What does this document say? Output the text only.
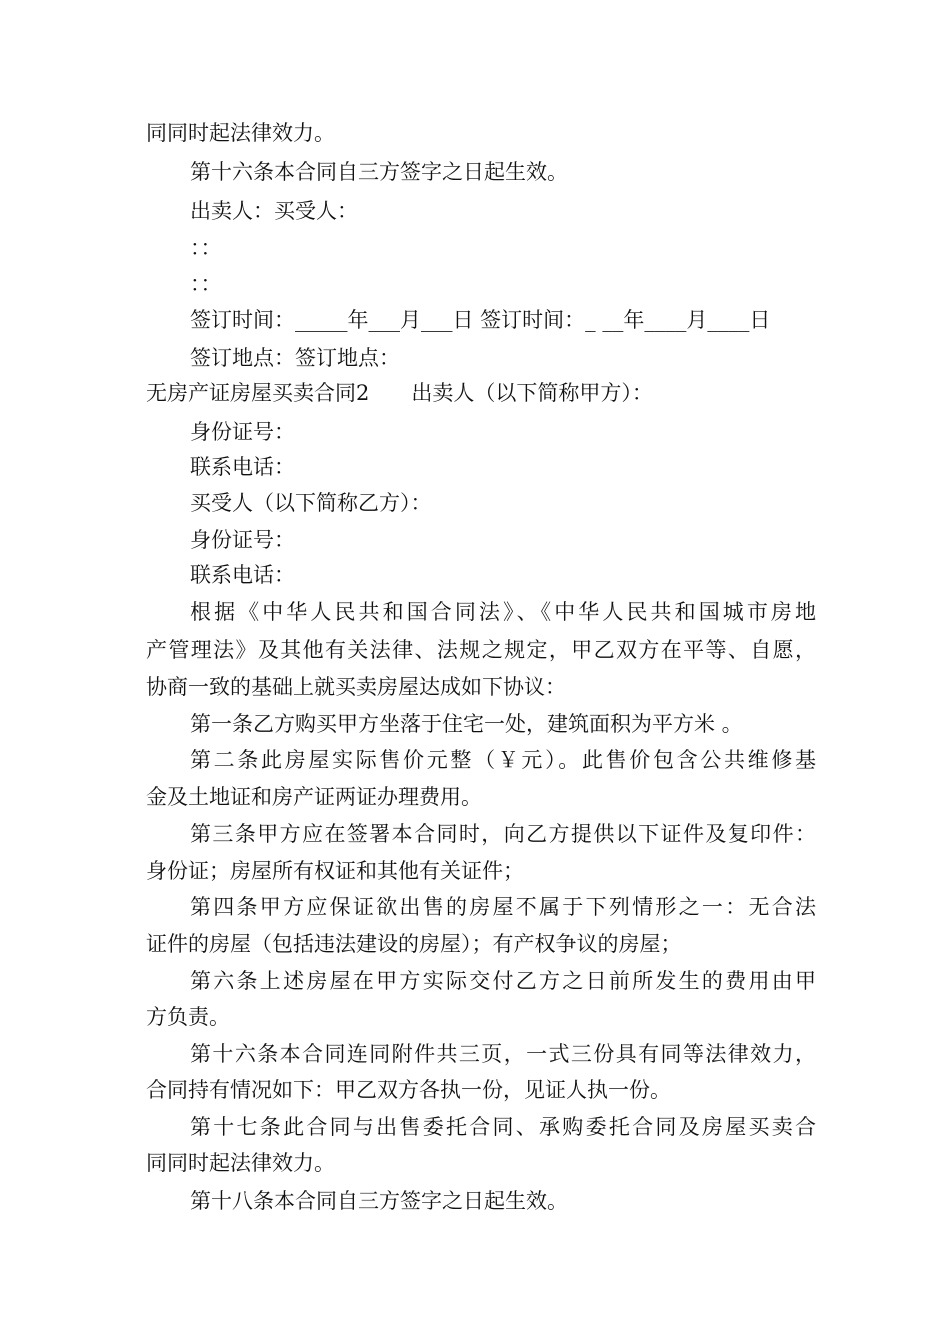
同同时起法律效力。
第十六条本合同自三方签字之日起生效。
出卖人：买受人：
：：
：：
签订时间：_____年___月___日 签订时间：_ __年____月____日
签订地点：签订地点：
无房产证房屋买卖合同2　　出卖人（以下简称甲方）：
身份证号：
联系电话：
买受人（以下简称乙方）：
身份证号：
联系电话：
根据《中华人民共和国合同法》、《中华人民共和国城市房地
产管理法》及其他有关法律、法规之规定，甲乙双方在平等、自愿，
协商一致的基础上就买卖房屋达成如下协议：
第一条乙方购买甲方坐落于住宅一处，建筑面积为平方米 。
第二条此房屋实际售价元整（￥元）。此售价包含公共维修基
金及土地证和房产证两证办理费用。
第三条甲方应在签署本合同时，向乙方提供以下证件及复印件：
身份证；房屋所有权证和其他有关证件；
第四条甲方应保证欲出售的房屋不属于下列情形之一：无合法
证件的房屋（包括违法建设的房屋）；有产权争议的房屋；
第六条上述房屋在甲方实际交付乙方之日前所发生的费用由甲
方负责。
第十六条本合同连同附件共三页，一式三份具有同等法律效力，
合同持有情况如下：甲乙双方各执一份，见证人执一份。
第十七条此合同与出售委托合同、承购委托合同及房屋买卖合
同同时起法律效力。
第十八条本合同自三方签字之日起生效。
